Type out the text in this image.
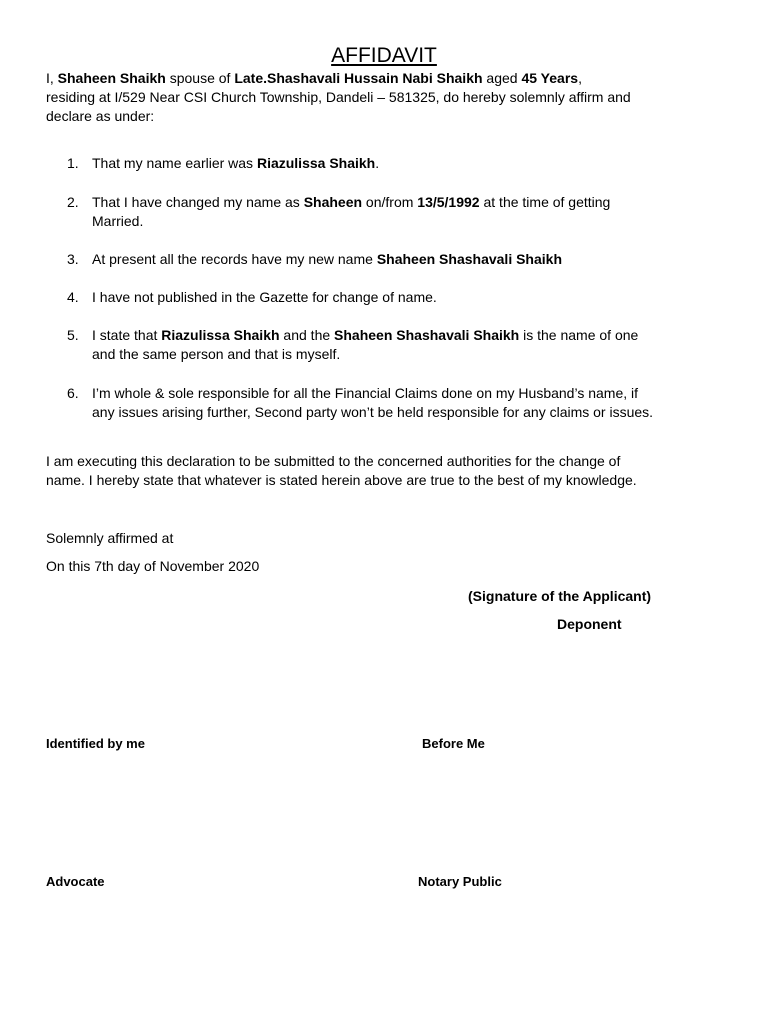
AFFIDAVIT
I, Shaheen Shaikh spouse of Late.Shashavali Hussain Nabi Shaikh aged 45 Years,
residing at I/529 Near CSI Church Township, Dandeli – 581325, do hereby solemnly affirm and
declare as under:
1. That my name earlier was Riazulissa Shaikh.
2. That I have changed my name as Shaheen on/from 13/5/1992 at the time of getting
Married.
3. At present all the records have my new name Shaheen Shashavali Shaikh
4. I have not published in the Gazette for change of name.
5. I state that Riazulissa Shaikh and the Shaheen Shashavali Shaikh is the name of one
and the same person and that is myself.
6. I’m whole & sole responsible for all the Financial Claims done on my Husband’s name, if
any issues arising further, Second party won’t be held responsible for any claims or issues.
I am executing this declaration to be submitted to the concerned authorities for the change of
name. I hereby state that whatever is stated herein above are true to the best of my knowledge.
Solemnly affirmed at
On this 7th day of November 2020
(Signature of the Applicant)
Deponent
Identified by me	Before Me
Advocate	Notary Public
